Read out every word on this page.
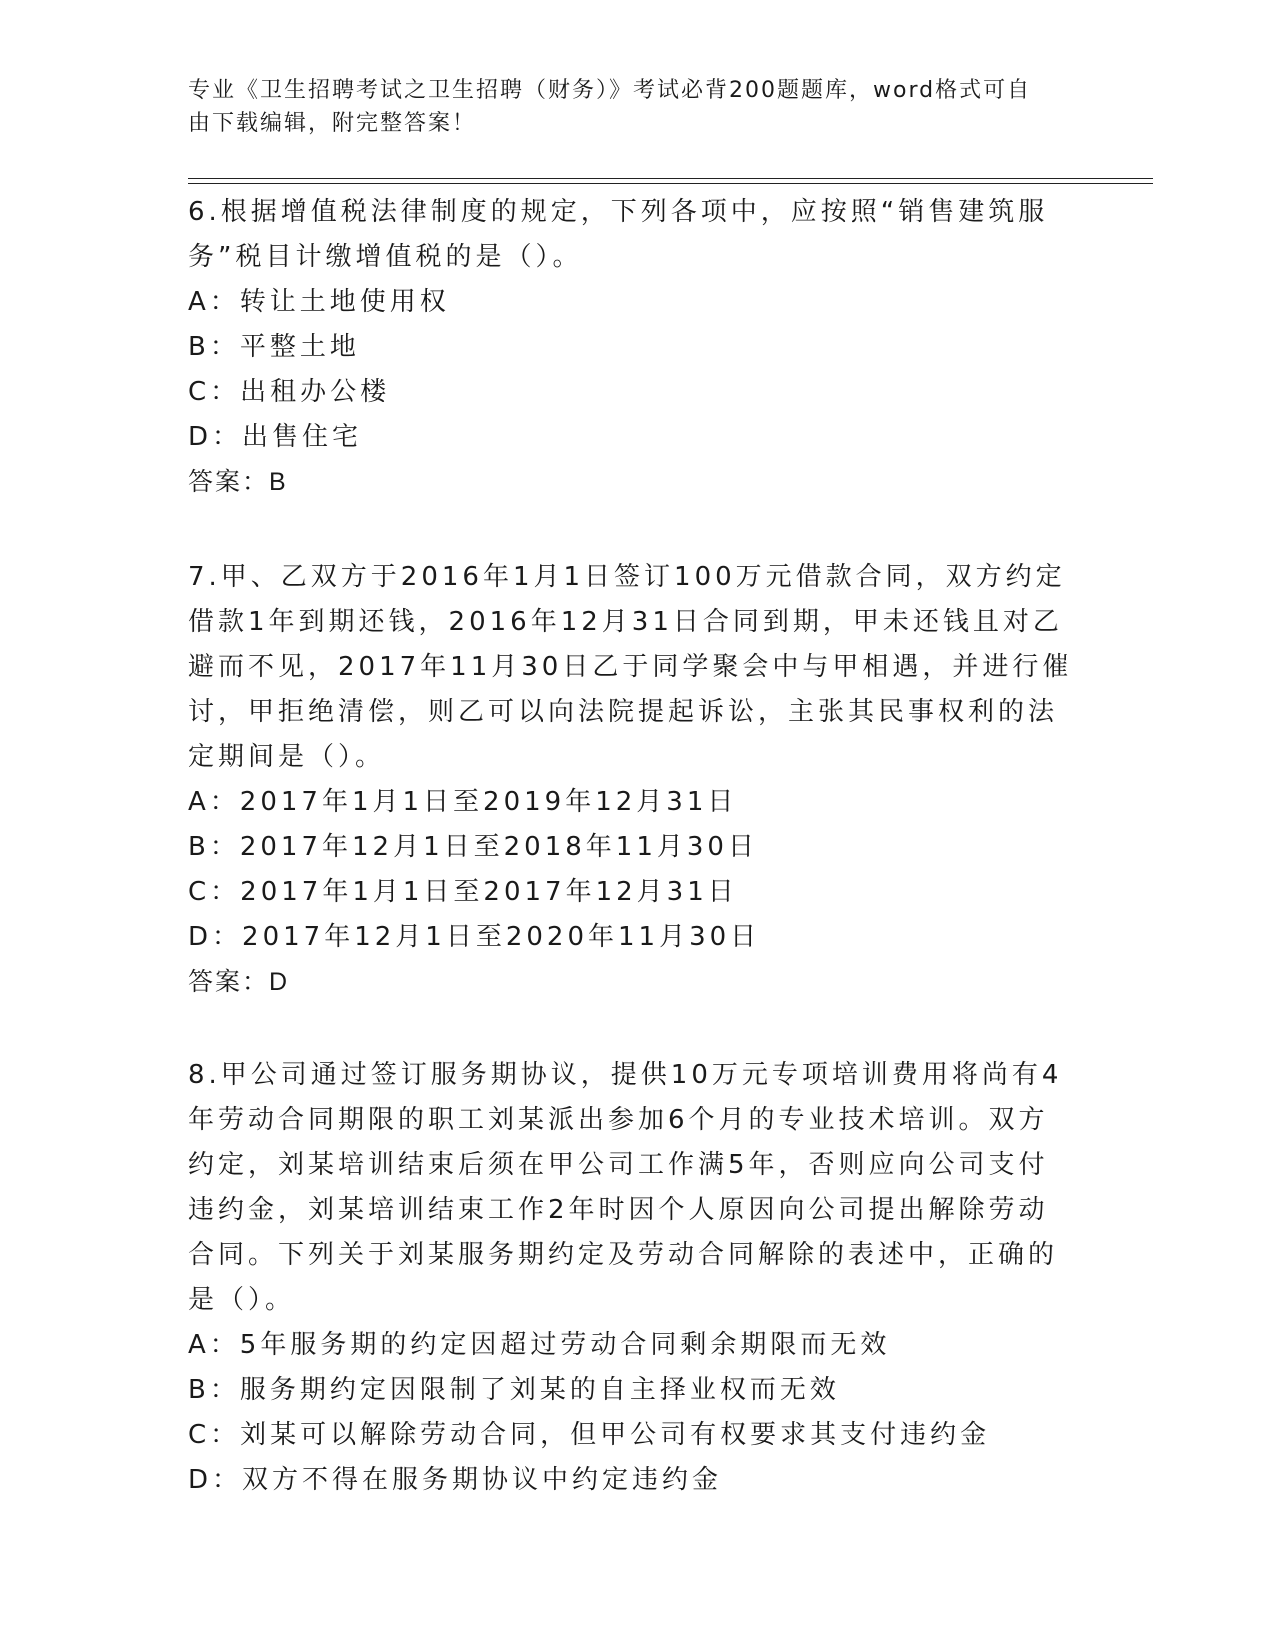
专业《卫生招聘考试之卫生招聘（财务）》考试必背200题题库，word格式可自
由下载编辑，附完整答案！

6.根据增值税法律制度的规定，下列各项中，应按照“销售建筑服务”税目计缴增值税的是（）。

A：转让土地使用权

B：平整土地

C：出租办公楼

D：出售住宅

答案：B

7.甲、乙双方于2016年1月1日签订100万元借款合同，双方约定借款1年到期还钱，2016年12月31日合同到期，甲未还钱且对乙避而不见，2017年11月30日乙于同学聚会中与甲相遇，并进行催讨，甲拒绝清偿，则乙可以向法院提起诉讼，主张其民事权利的法定期间是（）。

A：2017年1月1日至2019年12月31日

B：2017年12月1日至2018年11月30日

C：2017年1月1日至2017年12月31日

D：2017年12月1日至2020年11月30日

答案：D

8.甲公司通过签订服务期协议，提供10万元专项培训费用将尚有4年劳动合同期限的职工刘某派出参加6个月的专业技术培训。双方约定，刘某培训结束后须在甲公司工作满5年，否则应向公司支付违约金，刘某培训结束工作2年时因个人原因向公司提出解除劳动合同。下列关于刘某服务期约定及劳动合同解除的表述中，正确的是（）。

A：5年服务期的约定因超过劳动合同剩余期限而无效

B：服务期约定因限制了刘某的自主择业权而无效

C：刘某可以解除劳动合同，但甲公司有权要求其支付违约金

D：双方不得在服务期协议中约定违约金
